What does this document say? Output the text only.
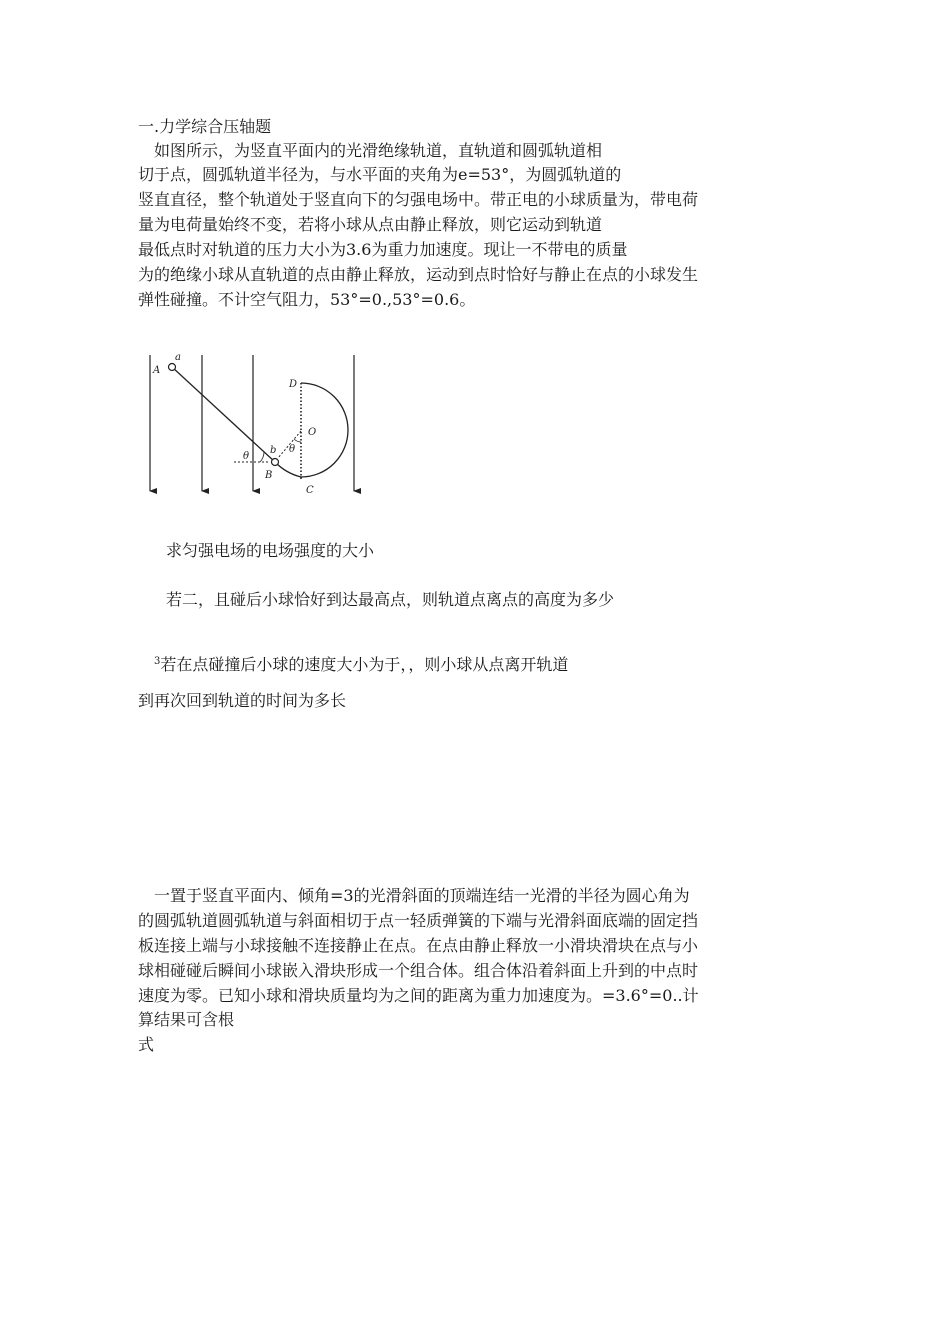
一.力学综合压轴题
如图所示，为竖直平面内的光滑绝缘轨道，直轨道和圆弧轨道相
切于点，圆弧轨道半径为，与水平面的夹角为e=53°，为圆弧轨道的
竖直直径，整个轨道处于竖直向下的匀强电场中。带正电的小球质量为，带电荷
量为电荷量始终不变，若将小球从点由静止释放，则它运动到轨道
最低点时对轨道的压力大小为3.6为重力加速度。现让一不带电的质量
为的绝缘小球从直轨道的点由静止释放，运动到点时恰好与静止在点的小球发生
弹性碰撞。不计空气阻力，53°=0.,53°=0.6。
a
A
D
O
b
B
C
θ
θ
求匀强电场的电场强度的大小
若二，且碰后小球恰好到达最高点，则轨道点离点的高度为多少
$^3$若在点碰撞后小球的速度大小为于，，则小球从点离开轨道
到再次回到轨道的时间为多长
一置于竖直平面内、倾角=3的光滑斜面的顶端连结一光滑的半径为圆心角为
的圆弧轨道圆弧轨道与斜面相切于点一轻质弹簧的下端与光滑斜面底端的固定挡
板连接上端与小球接触不连接静止在点。在点由静止释放一小滑块滑块在点与小
球相碰碰后瞬间小球嵌入滑块形成一个组合体。组合体沿着斜面上升到的中点时
速度为零。已知小球和滑块质量均为之间的距离为重力加速度为。=3.6°=0..计
算结果可含根
式
